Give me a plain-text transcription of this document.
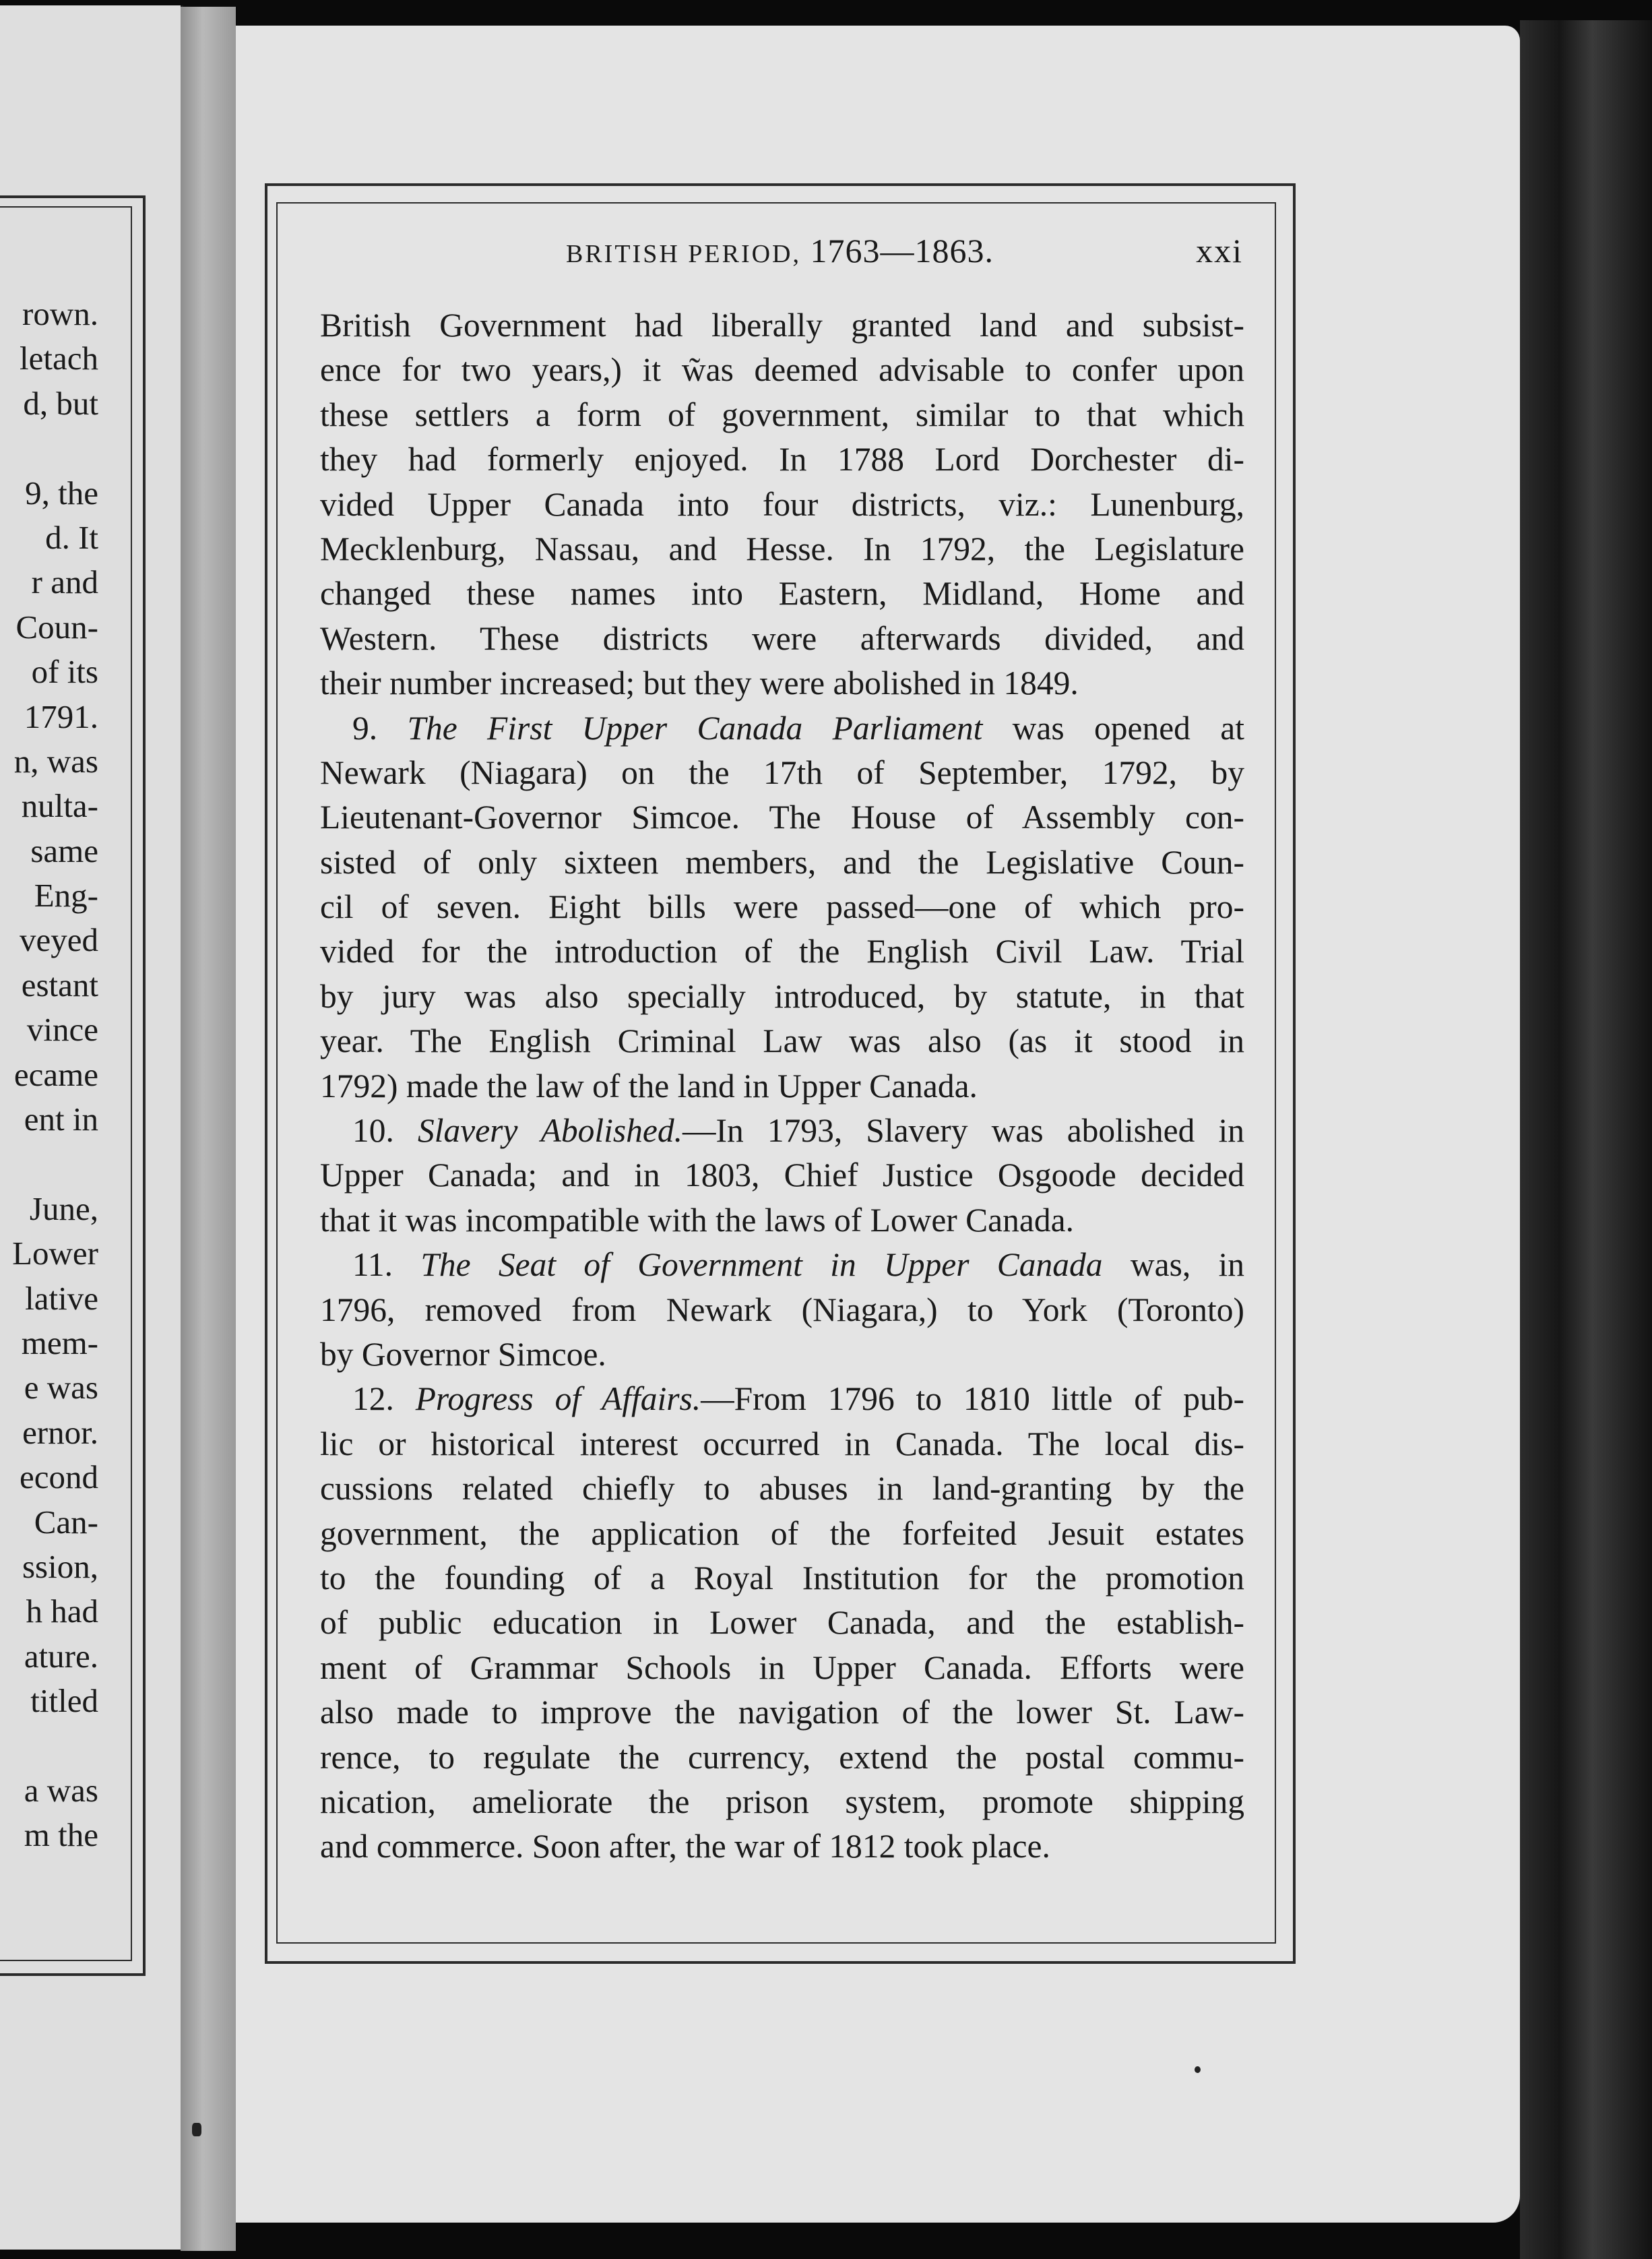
rown.
letach
d, but
9, the
d. It
r and
Coun-
of its
1791.
n, was
nulta-
same
Eng-
veyed
estant
vince
ecame
ent in
June,
Lower
lative
mem-
e was
ernor.
econd
Can-
ssion,
h had
ature.
titled
a was
m the
BRITISH PERIOD, 1763—1863.	xxi
British Government had liberally granted land and subsist-
ence for two years,) it w̃as deemed advisable to confer upon
these settlers a form of government, similar to that which
they had formerly enjoyed. In 1788 Lord Dorchester di-
vided Upper Canada into four districts, viz.: Lunenburg,
Mecklenburg, Nassau, and Hesse. In 1792, the Legislature
changed these names into Eastern, Midland, Home and
Western. These districts were afterwards divided, and
their number increased; but they were abolished in 1849.
9. The First Upper Canada Parliament was opened at
Newark (Niagara) on the 17th of September, 1792, by
Lieutenant-Governor Simcoe. The House of Assembly con-
sisted of only sixteen members, and the Legislative Coun-
cil of seven. Eight bills were passed—one of which pro-
vided for the introduction of the English Civil Law. Trial
by jury was also specially introduced, by statute, in that
year. The English Criminal Law was also (as it stood in
1792) made the law of the land in Upper Canada.
10. Slavery Abolished.—In 1793, Slavery was abolished in
Upper Canada; and in 1803, Chief Justice Osgoode decided
that it was incompatible with the laws of Lower Canada.
11. The Seat of Government in Upper Canada was, in
1796, removed from Newark (Niagara,) to York (Toronto)
by Governor Simcoe.
12. Progress of Affairs.—From 1796 to 1810 little of pub-
lic or historical interest occurred in Canada. The local dis-
cussions related chiefly to abuses in land-granting by the
government, the application of the forfeited Jesuit estates
to the founding of a Royal Institution for the promotion
of public education in Lower Canada, and the establish-
ment of Grammar Schools in Upper Canada. Efforts were
also made to improve the navigation of the lower St. Law-
rence, to regulate the currency, extend the postal commu-
nication, ameliorate the prison system, promote shipping
and commerce. Soon after, the war of 1812 took place.
